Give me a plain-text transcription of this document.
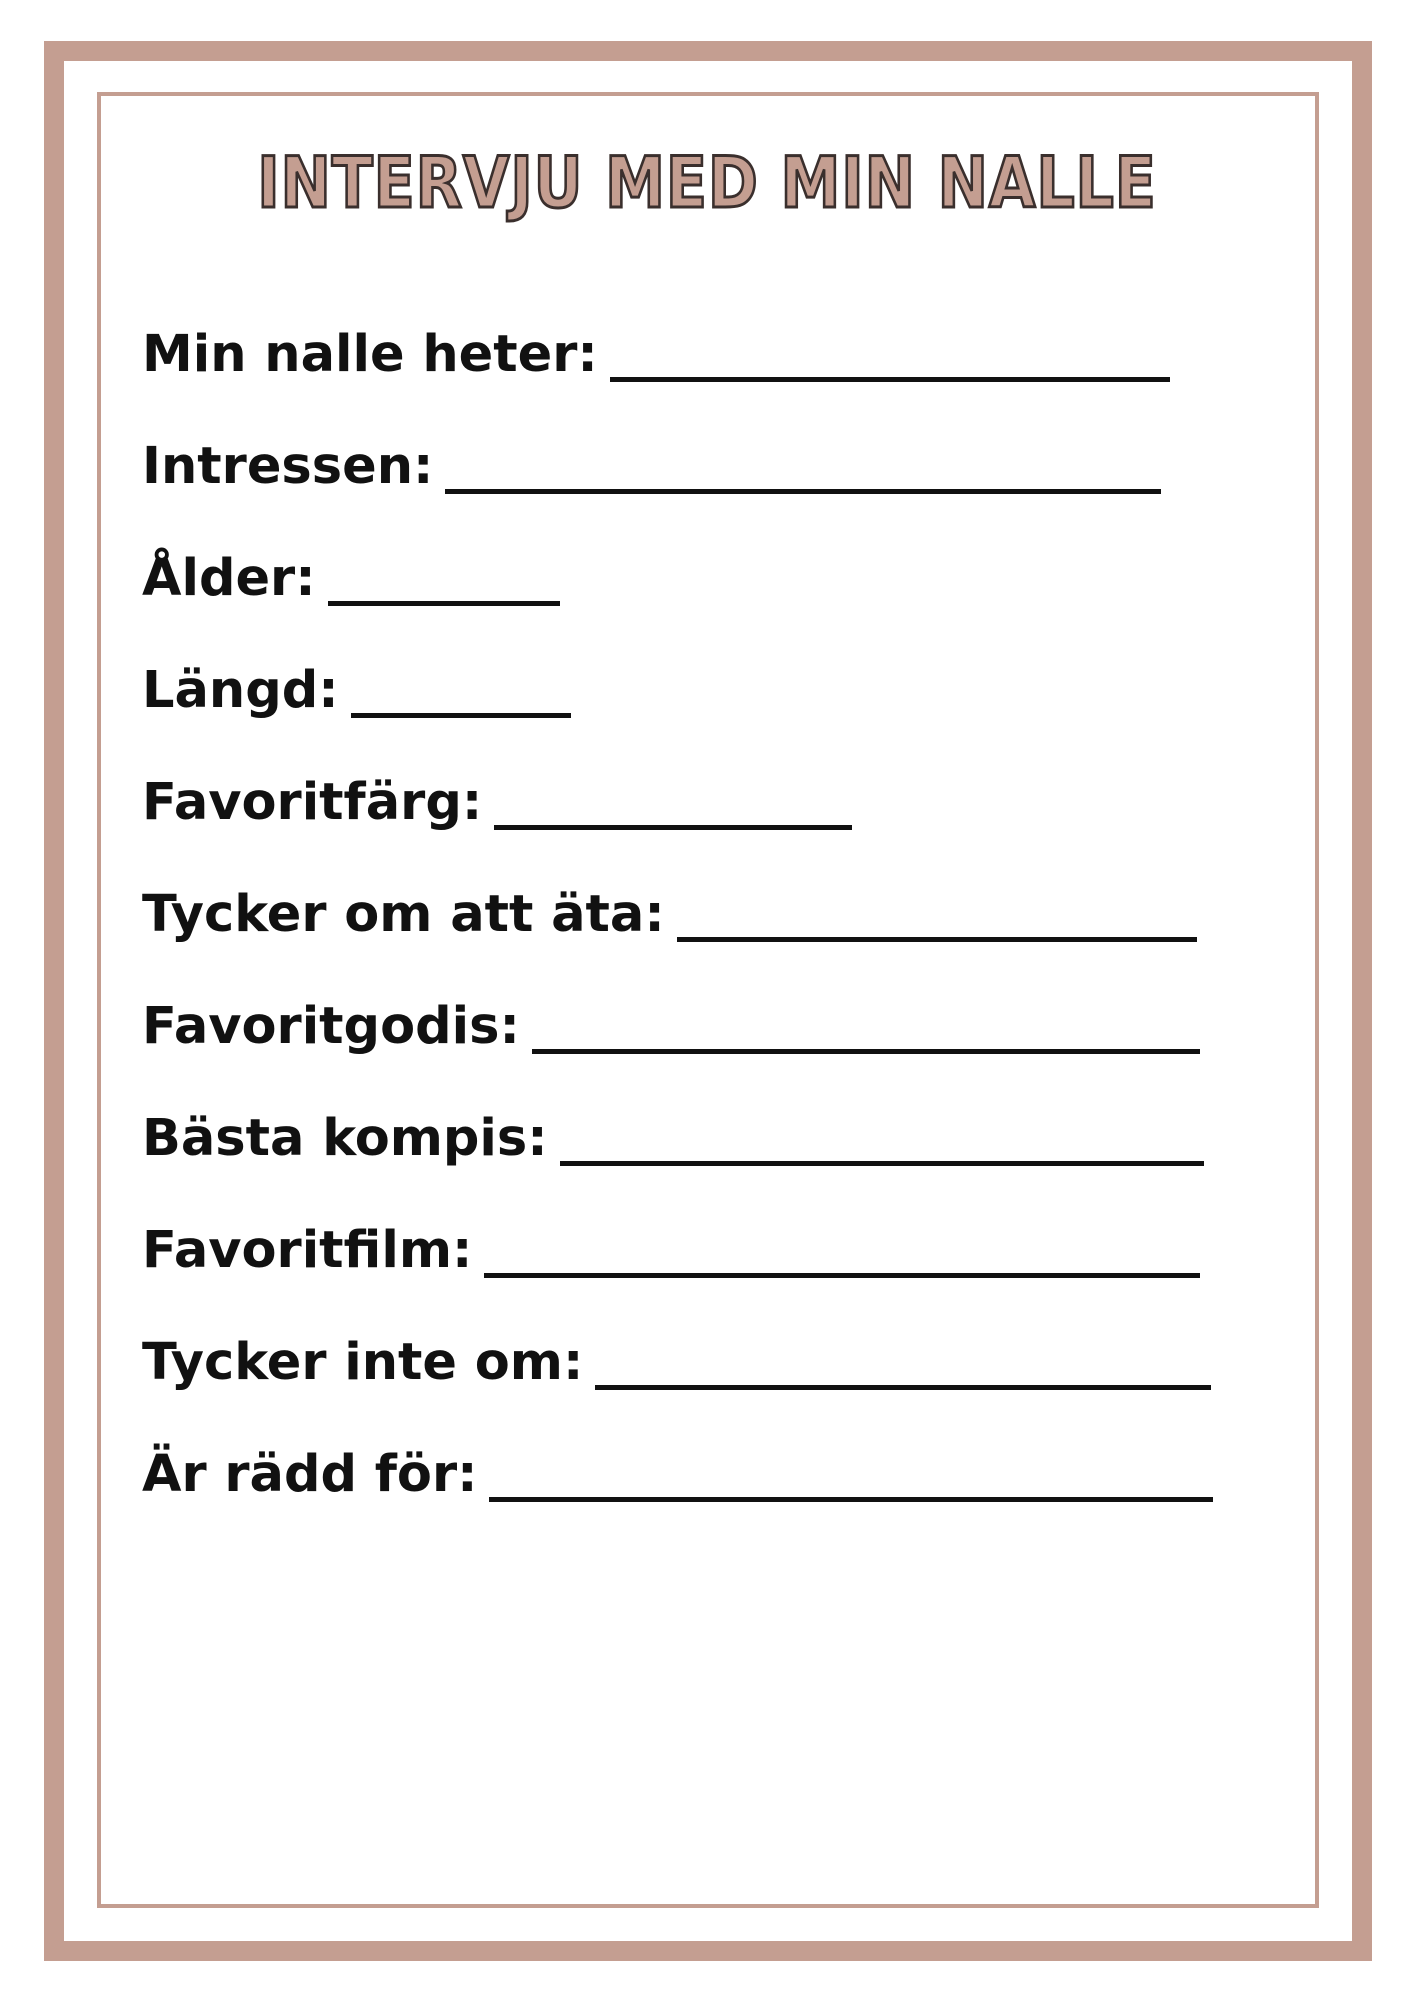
INTERVJU MED MIN NALLE
Min nalle heter:
Intressen:
Ålder:
Längd:
Favoritfärg:
Tycker om att äta:
Favoritgodis:
Bästa kompis:
Favoritfilm:
Tycker inte om:
Är rädd för:
